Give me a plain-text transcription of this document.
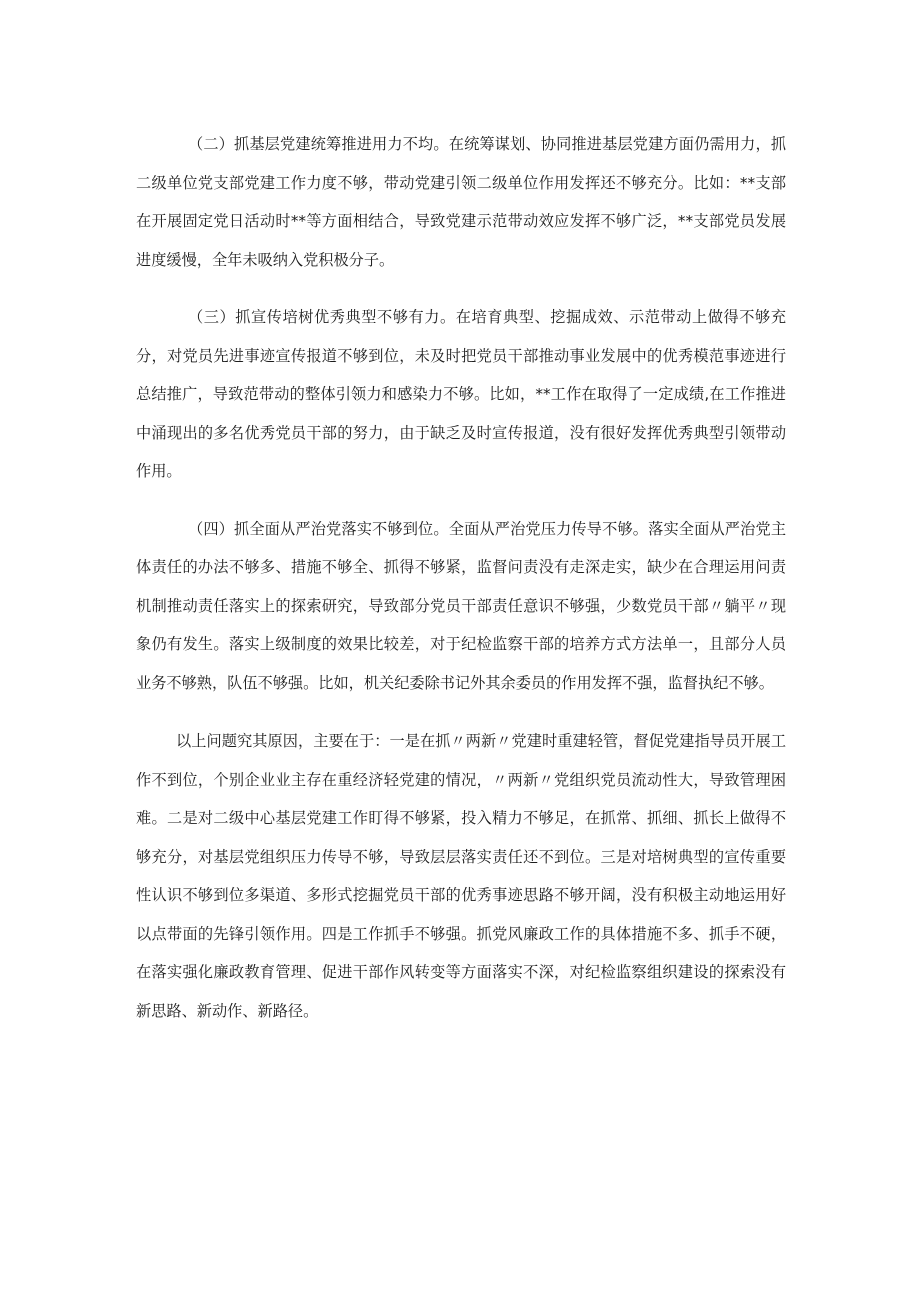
（二）抓基层党建统筹推进用力不均。在统筹谋划、协同推进基层党建方面仍需用力，抓二级单位党支部党建工作力度不够，带动党建引领二级单位作用发挥还不够充分。比如：**支部在开展固定党日活动时**等方面相结合，导致党建示范带动效应发挥不够广泛，**支部党员发展进度缓慢，全年未吸纳入党积极分子。

（三）抓宣传培树优秀典型不够有力。在培育典型、挖掘成效、示范带动上做得不够充分，对党员先进事迹宣传报道不够到位，未及时把党员干部推动事业发展中的优秀模范事迹进行总结推广，导致范带动的整体引领力和感染力不够。比如，**工作在取得了一定成绩,在工作推进中涌现出的多名优秀党员干部的努力，由于缺乏及时宣传报道，没有很好发挥优秀典型引领带动作用。

（四）抓全面从严治党落实不够到位。全面从严治党压力传导不够。落实全面从严治党主体责任的办法不够多、措施不够全、抓得不够紧，监督问责没有走深走实，缺少在合理运用问责机制推动责任落实上的探索研究，导致部分党员干部责任意识不够强，少数党员干部〃躺平〃现象仍有发生。落实上级制度的效果比较差，对于纪检监察干部的培养方式方法单一，且部分人员业务不够熟，队伍不够强。比如，机关纪委除书记外其余委员的作用发挥不强，监督执纪不够。

以上问题究其原因，主要在于：一是在抓〃两新〃党建时重建轻管，督促党建指导员开展工作不到位，个别企业业主存在重经济轻党建的情况，〃两新〃党组织党员流动性大，导致管理困难。二是对二级中心基层党建工作盯得不够紧，投入精力不够足，在抓常、抓细、抓长上做得不够充分，对基层党组织压力传导不够，导致层层落实责任还不到位。三是对培树典型的宣传重要性认识不够到位多渠道、多形式挖掘党员干部的优秀事迹思路不够开阔，没有积极主动地运用好以点带面的先锋引领作用。四是工作抓手不够强。抓党风廉政工作的具体措施不多、抓手不硬，在落实强化廉政教育管理、促进干部作风转变等方面落实不深，对纪检监察组织建设的探索没有新思路、新动作、新路径。
